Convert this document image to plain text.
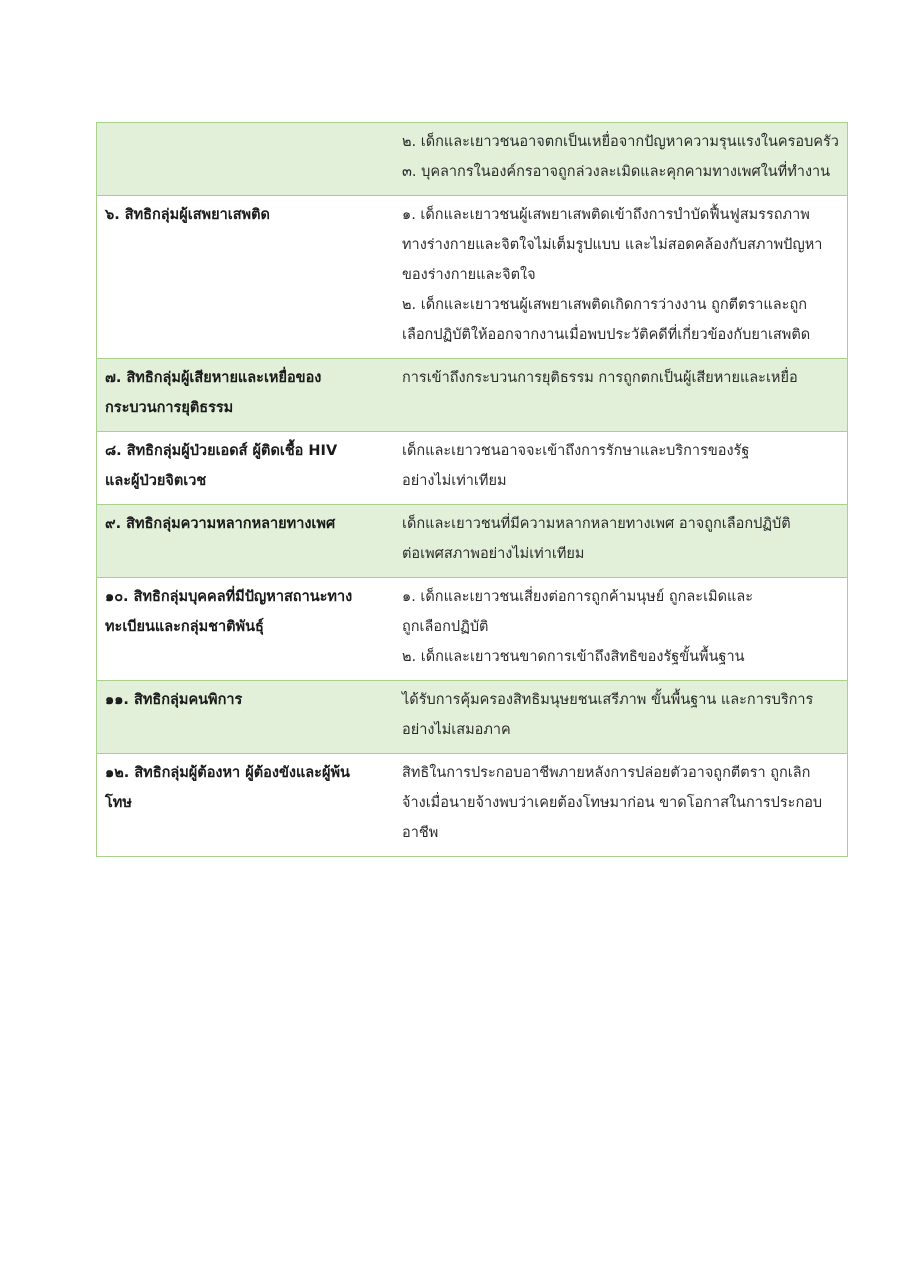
	๒. เด็กและเยาวชนอาจตกเป็นเหยื่อจากปัญหาความรุนแรงในครอบครัว
๓. บุคลากรในองค์กรอาจถูกล่วงละเมิดและคุกคามทางเพศในที่ทำงาน

๖. สิทธิกลุ่มผู้เสพยาเสพติด	๑. เด็กและเยาวชนผู้เสพยาเสพติดเข้าถึงการบำบัดฟื้นฟูสมรรถภาพ
ทางร่างกายและจิตใจไม่เต็มรูปแบบ และไม่สอดคล้องกับสภาพปัญหา
ของร่างกายและจิตใจ
๒. เด็กและเยาวชนผู้เสพยาเสพติดเกิดการว่างงาน ถูกตีตราและถูก
เลือกปฏิบัติให้ออกจากงานเมื่อพบประวัติคดีที่เกี่ยวข้องกับยาเสพติด

๗. สิทธิกลุ่มผู้เสียหายและเหยื่อของ
กระบวนการยุติธรรม	การเข้าถึงกระบวนการยุติธรรม การถูกตกเป็นผู้เสียหายและเหยื่อ

๘. สิทธิกลุ่มผู้ป่วยเอดส์ ผู้ติดเชื้อ HIV
และผู้ป่วยจิตเวช	เด็กและเยาวชนอาจจะเข้าถึงการรักษาและบริการของรัฐ
อย่างไม่เท่าเทียม

๙. สิทธิกลุ่มความหลากหลายทางเพศ	เด็กและเยาวชนที่มีความหลากหลายทางเพศ อาจถูกเลือกปฏิบัติ
ต่อเพศสภาพอย่างไม่เท่าเทียม

๑๐. สิทธิกลุ่มบุคคลที่มีปัญหาสถานะทาง
ทะเบียนและกลุ่มชาติพันธุ์	๑. เด็กและเยาวชนเสี่ยงต่อการถูกค้ามนุษย์ ถูกละเมิดและ
ถูกเลือกปฏิบัติ
๒. เด็กและเยาวชนขาดการเข้าถึงสิทธิของรัฐขั้นพื้นฐาน

๑๑. สิทธิกลุ่มคนพิการ	ได้รับการคุ้มครองสิทธิมนุษยชนเสรีภาพ ขั้นพื้นฐาน และการบริการ
อย่างไม่เสมอภาค

๑๒. สิทธิกลุ่มผู้ต้องหา ผู้ต้องขังและผู้พ้น
โทษ	สิทธิในการประกอบอาชีพภายหลังการปล่อยตัวอาจถูกตีตรา ถูกเลิก
จ้างเมื่อนายจ้างพบว่าเคยต้องโทษมาก่อน ขาดโอกาสในการประกอบ
อาชีพ
